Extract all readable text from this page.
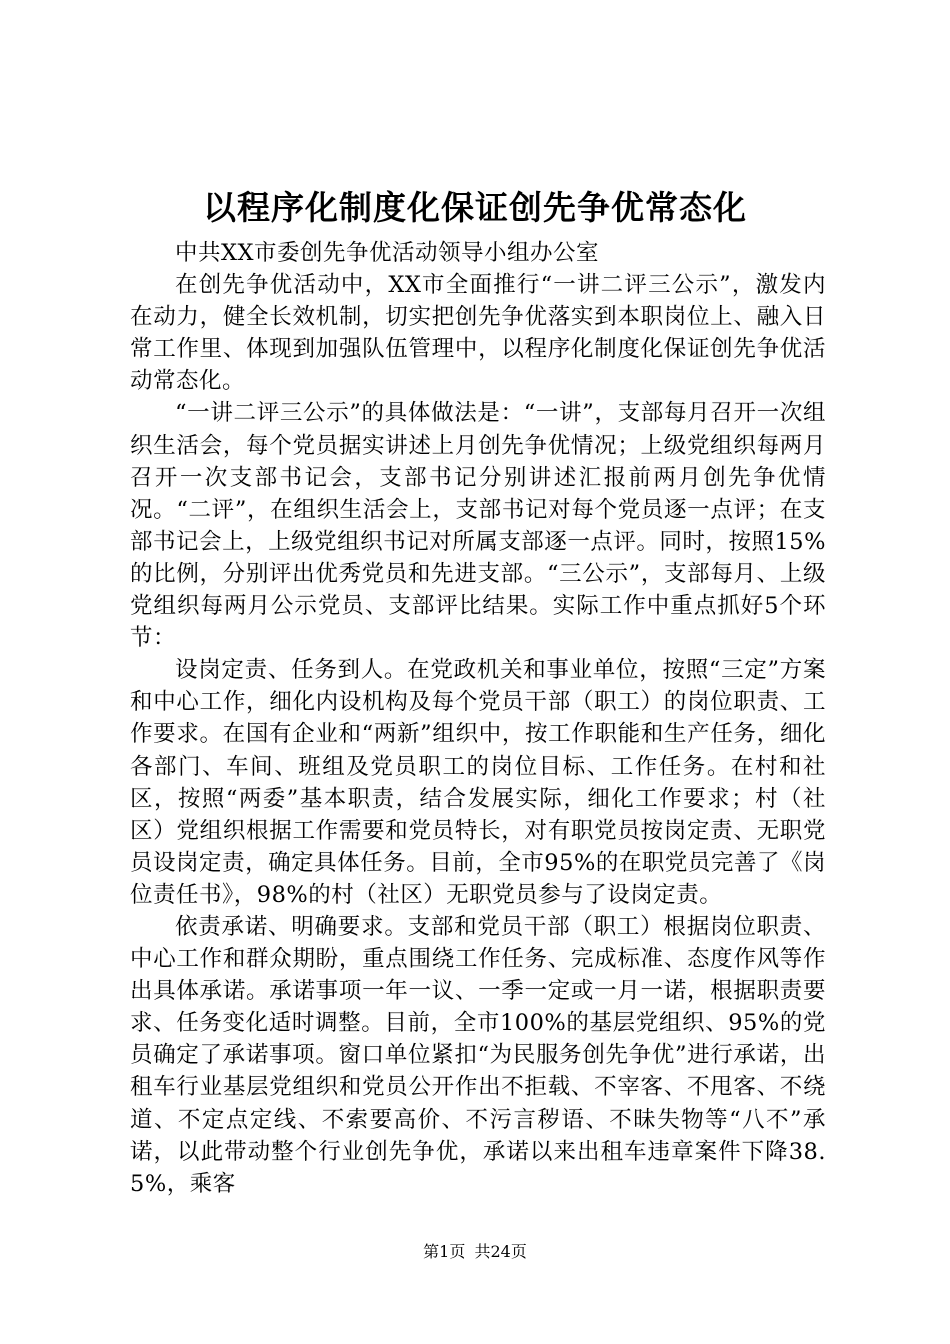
以程序化制度化保证创先争优常态化

中共XX市委创先争优活动领导小组办公室

在创先争优活动中，XX市全面推行“一讲二评三公示”，激发内在动力，健全长效机制，切实把创先争优落实到本职岗位上、融入日常工作里、体现到加强队伍管理中，以程序化制度化保证创先争优活动常态化。

“一讲二评三公示”的具体做法是：“一讲”，支部每月召开一次组织生活会，每个党员据实讲述上月创先争优情况；上级党组织每两月召开一次支部书记会，支部书记分别讲述汇报前两月创先争优情况。“二评”，在组织生活会上，支部书记对每个党员逐一点评；在支部书记会上，上级党组织书记对所属支部逐一点评。同时，按照15%的比例，分别评出优秀党员和先进支部。“三公示”，支部每月、上级党组织每两月公示党员、支部评比结果。实际工作中重点抓好5个环节：

设岗定责、任务到人。在党政机关和事业单位，按照“三定”方案和中心工作，细化内设机构及每个党员干部（职工）的岗位职责、工作要求。在国有企业和“两新”组织中，按工作职能和生产任务，细化各部门、车间、班组及党员职工的岗位目标、工作任务。在村和社区，按照“两委”基本职责，结合发展实际，细化工作要求；村（社区）党组织根据工作需要和党员特长，对有职党员按岗定责、无职党员设岗定责，确定具体任务。目前，全市95%的在职党员完善了《岗位责任书》，98%的村（社区）无职党员参与了设岗定责。

依责承诺、明确要求。支部和党员干部（职工）根据岗位职责、中心工作和群众期盼，重点围绕工作任务、完成标准、态度作风等作出具体承诺。承诺事项一年一议、一季一定或一月一诺，根据职责要求、任务变化适时调整。目前，全市100%的基层党组织、95%的党员确定了承诺事项。窗口单位紧扣“为民服务创先争优”进行承诺，出租车行业基层党组织和党员公开作出不拒载、不宰客、不甩客、不绕道、不定点定线、不索要高价、不污言秽语、不昧失物等“八不”承诺，以此带动整个行业创先争优，承诺以来出租车违章案件下降38.5%，乘客

第1页 共24页
